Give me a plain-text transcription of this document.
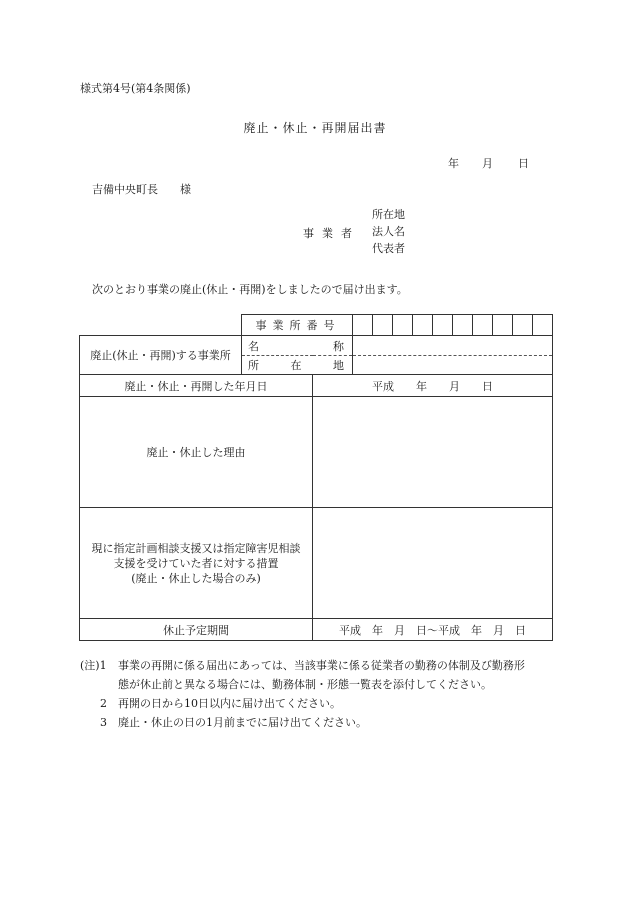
様式第4号(第4条関係)
廃止・休止・再開届出書
年 月 日
吉備中央町長　　様
事業者
所在地
法人名
代表者
次のとおり事業の廃止(休止・再開)をしましたので届け出ます。

事業所番号		

廃止(休止・再開)する事業所	名 称		

	所 在 地		

廃止・休止・再開した年月日		平成　　年　　月　　日	
廃止・休止した理由			

現に指定計画相談支援又は指定障害児相談
支援を受けていた者に対する措置
(廃止・休止した場合のみ)			

休止予定期間		平成　年　月　日〜平成　年　月　日	
(注)1	事業の再開に係る届出にあっては、当該事業に係る従業者の勤務の体制及び勤務形
態が休止前と異なる場合には、勤務体制・形態一覧表を添付してください。
2	再開の日から10日以内に届け出てください。
3	廃止・休止の日の1月前までに届け出てください。
